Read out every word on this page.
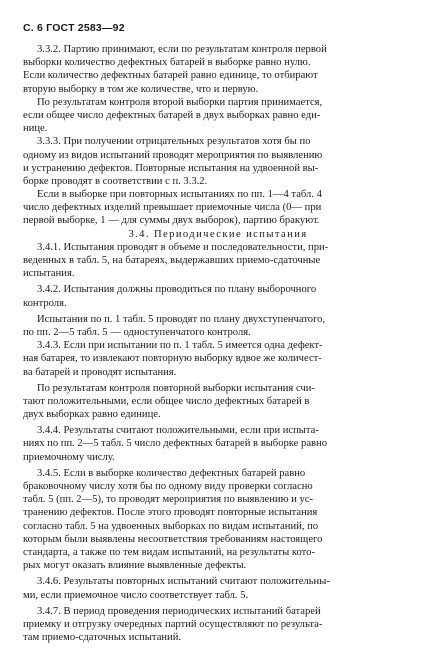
С. 6 ГОСТ 2583—92
3.3.2. Партию принимают, если по результатам контроля первой
выборки количество дефектных батарей в выборке равно нулю.
Если количество дефектных батарей равно единице, то отбирают
вторую выборку в том же количестве, что и первую.
По результатам контроля второй выборки партия принимается,
если общее число дефектных батарей в двух выборках равно еди-
нице.
3.3.3. При получении отрицательных результатов хотя бы по
одному из видов испытаний проводят мероприятия по выявлению
и устранению дефектов. Повторные испытания на удвоенной вы-
борке проводят в соответствии с п. 3.3.2.
Если в выборке при повторных испытаниях по пп. 1—4 табл. 4
число дефектных изделий превышает приемочные числа (0— при
первой выборке, 1 — для суммы двух выборок), партию бракуют.
3.4. Периодические испытания
3.4.1. Испытания проводят в объеме и последовательности, при-
веденных в табл. 5, на батареях, выдержавших приемо-сдаточные
испытания.
3.4.2. Испытания должны проводиться по плану выборочного
контроля.
Испытания по п. 1 табл. 5 проводят по плану двухступенчатого,
по пп. 2—5 табл. 5 — одноступенчатого контроля.
3.4.3. Если при испытании по п. 1 табл. 5 имеется одна дефект-
ная батарея, то извлекают повторную выборку вдвое же количест-
ва батарей и проводят испытания.
По результатам контроля повторной выборки испытания счи-
тают положительными, если общее число дефектных батарей в
двух выборках равно единице.
3.4.4. Результаты считают положительными, если при испыта-
ниях по пп. 2—5 табл. 5 число дефектных батарей в выборке равно
приемочному числу.
3.4.5. Если в выборке количество дефектных батарей равно
браковочному числу хотя бы по одному виду проверки согласно
табл. 5 (пп. 2—5), то проводят мероприятия по выявлению и ус-
транению дефектов. После этого проводят повторные испытания
согласно табл. 5 на удвоенных выборках по видам испытаний, по
которым были выявлены несоответствия требованиям настоящего
стандарта, а также по тем видам испытаний, на результаты кото-
рых могут оказать влияние выявленные дефекты.
3.4.6. Результаты повторных испытаний считают положительны-
ми, если приемочное число соответствует табл. 5.
3.4.7. В период проведения периодических испытаний батарей
приемку и отгрузку очередных партий осуществляют по результа-
там приемо-сдаточных испытаний.
